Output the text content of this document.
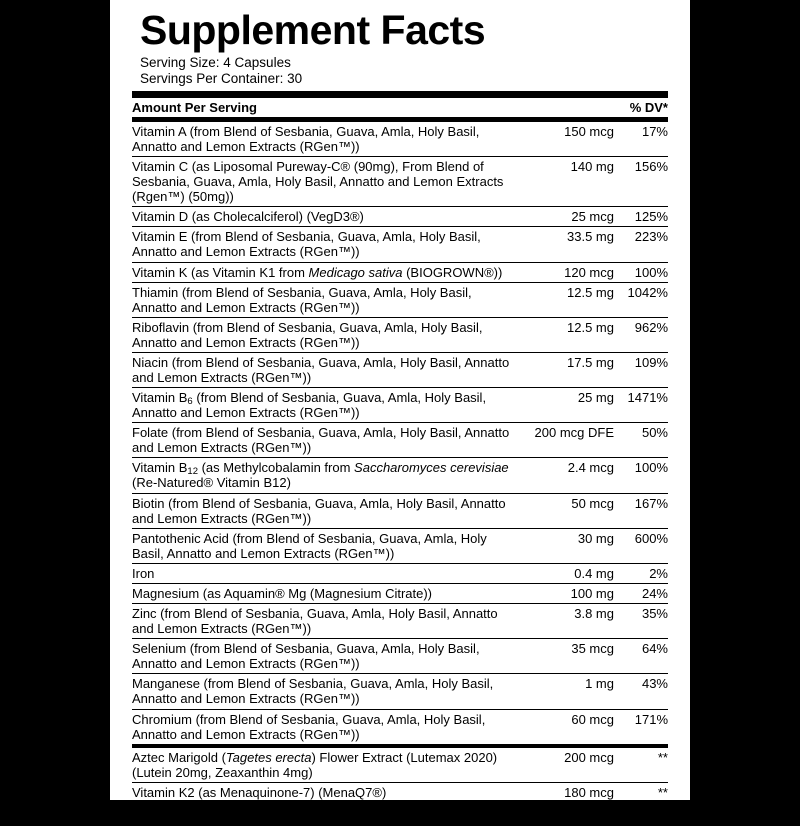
Supplement Facts
Serving Size: 4 Capsules
Servings Per Container: 30
Amount Per Serving		% DV*
Vitamin A (from Blend of Sesbania, Guava, Amla, Holy Basil, Annatto and Lemon Extracts (RGen™))	150 mcg	17%
Vitamin C (as Liposomal Pureway-C® (90mg), From Blend of Sesbania, Guava, Amla, Holy Basil, Annatto and Lemon Extracts (Rgen™) (50mg))	140 mg	156%
Vitamin D (as Cholecalciferol) (VegD3®)	25 mcg	125%
Vitamin E (from Blend of Sesbania, Guava, Amla, Holy Basil, Annatto and Lemon Extracts (RGen™))	33.5 mg	223%
Vitamin K (as Vitamin K1 from Medicago sativa (BIOGROWN®))	120 mcg	100%
Thiamin (from Blend of Sesbania, Guava, Amla, Holy Basil, Annatto and Lemon Extracts (RGen™))	12.5 mg	1042%
Riboflavin (from Blend of Sesbania, Guava, Amla, Holy Basil, Annatto and Lemon Extracts (RGen™))	12.5 mg	962%
Niacin (from Blend of Sesbania, Guava, Amla, Holy Basil, Annatto and Lemon Extracts (RGen™))	17.5 mg	109%
Vitamin B6 (from Blend of Sesbania, Guava, Amla, Holy Basil, Annatto and Lemon Extracts (RGen™))	25 mg	1471%
Folate (from Blend of Sesbania, Guava, Amla, Holy Basil, Annatto and Lemon Extracts (RGen™))	200 mcg DFE	50%
Vitamin B12 (as Methylcobalamin from Saccharomyces cerevisiae (Re-Natured® Vitamin B12)	2.4 mcg	100%
Biotin (from Blend of Sesbania, Guava, Amla, Holy Basil, Annatto and Lemon Extracts (RGen™))	50 mcg	167%
Pantothenic Acid (from Blend of Sesbania, Guava, Amla, Holy Basil, Annatto and Lemon Extracts (RGen™))	30 mg	600%
Iron	0.4 mg	2%
Magnesium (as Aquamin® Mg (Magnesium Citrate))	100 mg	24%
Zinc (from Blend of Sesbania, Guava, Amla, Holy Basil, Annatto and Lemon Extracts (RGen™))	3.8 mg	35%
Selenium (from Blend of Sesbania, Guava, Amla, Holy Basil, Annatto and Lemon Extracts (RGen™))	35 mcg	64%
Manganese (from Blend of Sesbania, Guava, Amla, Holy Basil, Annatto and Lemon Extracts (RGen™))	1 mg	43%
Chromium (from Blend of Sesbania, Guava, Amla, Holy Basil, Annatto and Lemon Extracts (RGen™))	60 mcg	171%
Aztec Marigold (Tagetes erecta) Flower Extract (Lutemax 2020) (Lutein 20mg, Zeaxanthin 4mg)	200 mcg	**
Vitamin K2 (as Menaquinone-7) (MenaQ7®)	180 mcg	**
**Daily Values not established. *Percent Daily Values (DV) are based on a 2000 calorie diet.
